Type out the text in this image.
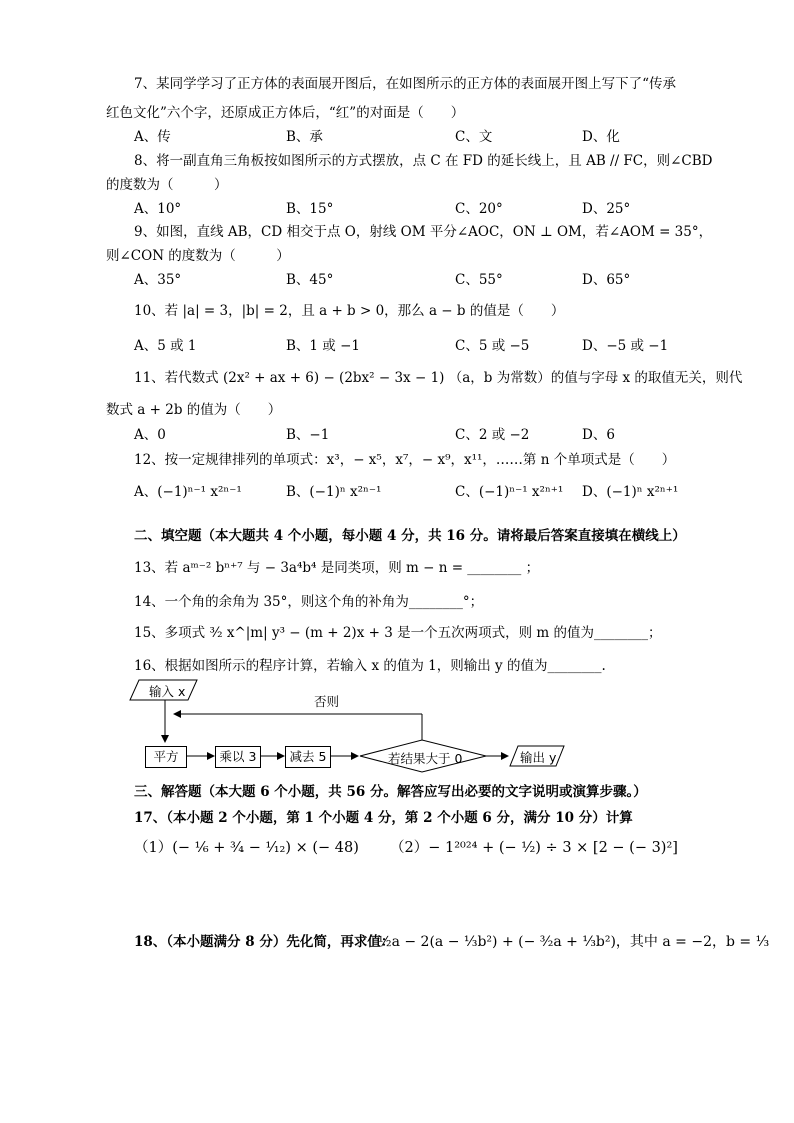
7、某同学学习了正方体的表面展开图后，在如图所示的正方体的表面展开图上写下了“传承
红色文化”六个字，还原成正方体后，“红”的对面是（　　）
A、传	B、承	C、文	D、化
8、将一副直角三角板按如图所示的方式摆放，点 C 在 FD 的延长线上，且 AB // FC，则∠CBD
的度数为（　　　）
A、10°	B、15°	C、20°	D、25°
9、如图，直线 AB，CD 相交于点 O，射线 OM 平分∠AOC，ON ⊥ OM，若∠AOM = 35°，
则∠CON 的度数为（　　　）
A、35°	B、45°	C、55°	D、65°
10、若 |a| = 3，|b| = 2，且 a + b > 0，那么 a − b 的值是（　　）
A、5 或 1	B、1 或 −1	C、5 或 −5	D、−5 或 −1
11、若代数式 (2x² + ax + 6) − (2bx² − 3x − 1) （a，b 为常数）的值与字母 x 的取值无关，则代
数式 a + 2b 的值为（　　）
A、0	B、−1	C、2 或 −2	D、6
12、按一定规律排列的单项式：x³，− x⁵，x⁷，− x⁹，x¹¹，……第 n 个单项式是（　　）
A、(−1)ⁿ⁻¹ x²ⁿ⁻¹	B、(−1)ⁿ x²ⁿ⁻¹	C、(−1)ⁿ⁻¹ x²ⁿ⁺¹ D、(−1)ⁿ x²ⁿ⁺¹
二、填空题（本大题共 4 个小题，每小题 4 分，共 16 分。请将最后答案直接填在横线上）
13、若 aᵐ⁻² bⁿ⁺⁷ 与 − 3a⁴b⁴ 是同类项，则 m − n = ________ ；
14、一个角的余角为 35°，则这个角的补角为________°；
15、多项式 ³⁄₂ x^|m| y³ − (m + 2)x + 3 是一个五次两项式，则 m 的值为________；
16、根据如图所示的程序计算，若输入 x 的值为 1，则输出 y 的值为________.
输入 x
否则
平方	乘以 3	减去 5	若结果大于 0	输出 y
三、解答题（本大题 6 个小题，共 56 分。解答应写出必要的文字说明或演算步骤。）
17、（本小题 2 个小题，第 1 个小题 4 分，第 2 个小题 6 分，满分 10 分）计算
（1）(− ¹⁄₆ + ³⁄₄ − ¹⁄₁₂) × (− 48) （2）− 1²⁰²⁴ + (− ¹⁄₂) ÷ 3 × [2 − (− 3)²]
18、（本小题满分 8 分）先化简，再求值：
½a − 2(a − ⅓b²) + (− ³⁄₂a + ⅓b²)，其中 a = −2，b = ⅓
